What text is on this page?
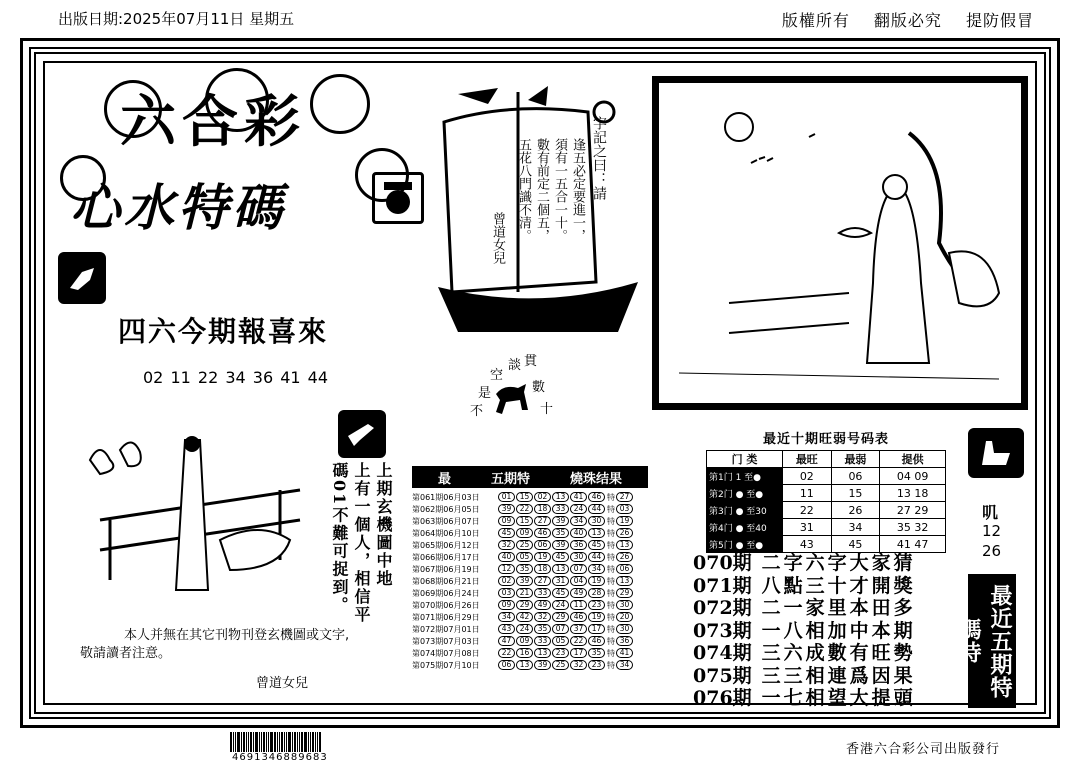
出版日期:2025年07月11日 星期五	版權所有 翻版必究 提防假冒
六合彩
心水特碼
四六今期報喜來
02 11 22 34 36 41 44
字記之曰：請
逢五必定要進一，
須有一五合一十。
數有前定二個五，
五花八門識不清。
曾道女兒
貫
談
空
是	數
不	十
上期玄機圖中地
上有一個人，相信平
碼01不難可捉到。
最近十期旺弱号码表
门 类	最旺	最弱	提供
第1门 1 至●	02	06	04 09
第2门 ● 至●	11	15	13 18
第3门 ● 至30	22	26	27 29
第4门 ● 至40	31	34	35 32
第5门 ● 至●	43	45	41 47
叽
12
26
最近五期特碼诗
最	五期特	燒珠结果
第061期06月03日	01	15	02	13	41	46 特 27
第062期06月05日	39	22	18	33	24	44 特 03
第063期06月07日	09	15	27	39	34	30 特 19
第064期06月10日	45	09	46	35	40	13 特 26
第065期06月12日	32	25	06	39	36	45 特 13
第066期06月17日	40	05	19	45	30	44 特 26
第067期06月19日	12	35	18	13	07	34 特 06
第068期06月21日	02	39	27	31	04	19 特 13
第069期06月24日	03	21	33	45	49	28 特 29
第070期06月26日	09	29	49	24	11	23 特 30
第071期06月29日	34	42	32	29	46	19 特 20
第072期07月01日	43	24	35	07	37	17 特 30
第073期07月03日	47	09	33	05	22	46 特 36
第074期07月08日	22	16	13	23	17	35 特 41
第075期07月10日	06	13	39	25	32	23 特 34
070期 二字六字大家猜
071期 八點三十才開獎
072期 二一家里本田多
073期 一八相加中本期
074期 三六成數有旺勢
075期 三三相連爲因果
076期 一七相望大提頭
本人并無在其它刊物刊登玄機圖或文字,
敬請讀者注意。
曾道女兒
4691346889683
香港六合彩公司出版發行
